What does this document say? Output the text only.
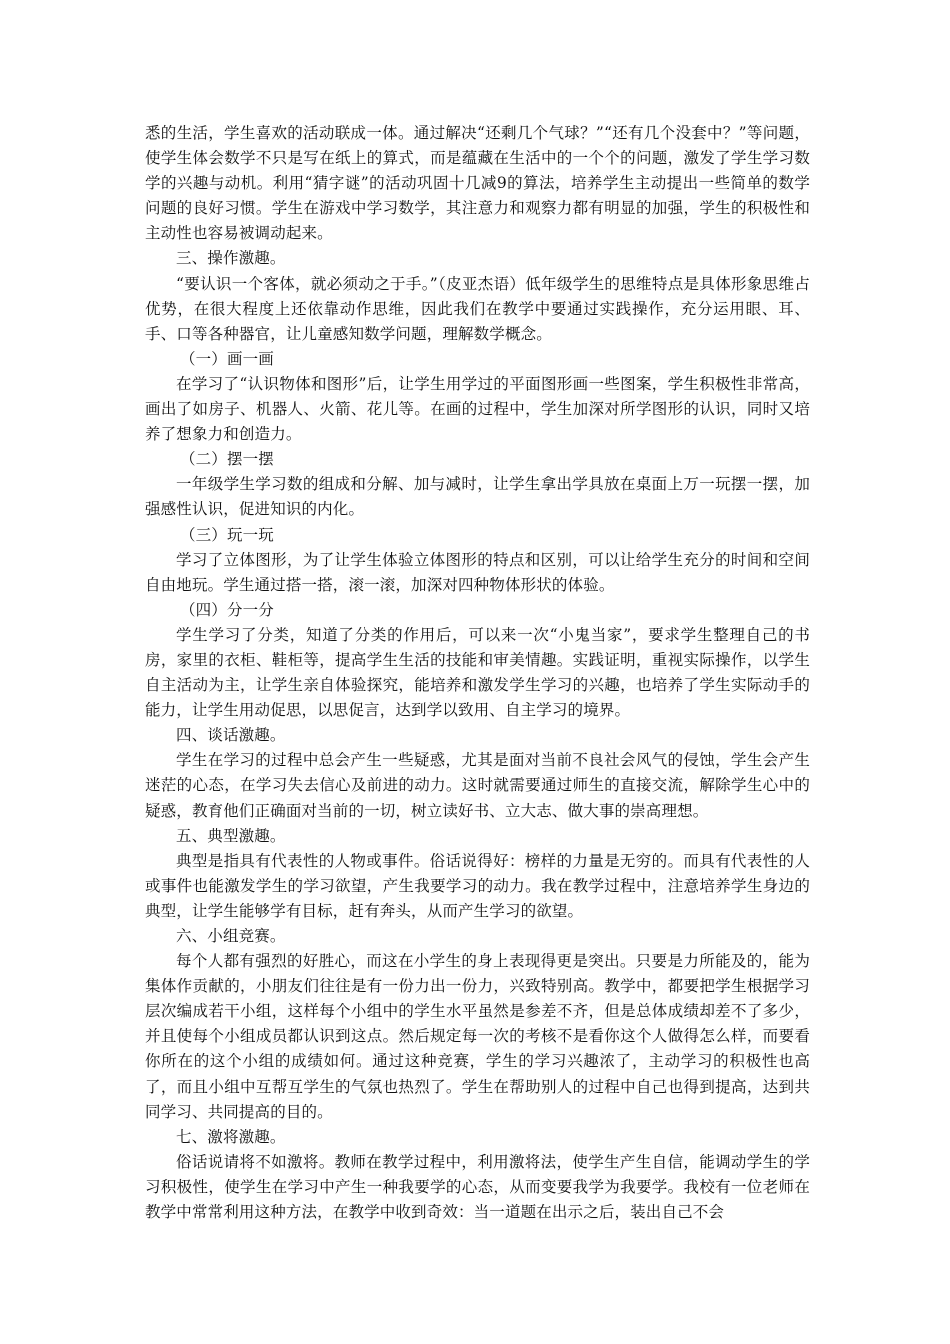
悉的生活，学生喜欢的活动联成一体。通过解决“还剩几个气球？”“还有几个没套中？”等问题，使学生体会数学不只是写在纸上的算式，而是蕴藏在生活中的一个个的问题，激发了学生学习数学的兴趣与动机。利用“猜字谜”的活动巩固十几减9的算法，培养学生主动提出一些简单的数学问题的良好习惯。学生在游戏中学习数学，其注意力和观察力都有明显的加强，学生的积极性和主动性也容易被调动起来。

三、操作激趣。

“要认识一个客体，就必须动之于手。”（皮亚杰语）低年级学生的思维特点是具体形象思维占优势，在很大程度上还依靠动作思维，因此我们在教学中要通过实践操作，充分运用眼、耳、手、口等各种器官，让儿童感知数学问题，理解数学概念。

（一）画一画

在学习了“认识物体和图形”后，让学生用学过的平面图形画一些图案，学生积极性非常高，画出了如房子、机器人、火箭、花儿等。在画的过程中，学生加深对所学图形的认识，同时又培养了想象力和创造力。

（二）摆一摆

一年级学生学习数的组成和分解、加与减时，让学生拿出学具放在桌面上万一玩摆一摆，加强感性认识，促进知识的内化。

（三）玩一玩

学习了立体图形，为了让学生体验立体图形的特点和区别，可以让给学生充分的时间和空间自由地玩。学生通过搭一搭，滚一滚，加深对四种物体形状的体验。

（四）分一分

学生学习了分类，知道了分类的作用后，可以来一次“小鬼当家”，要求学生整理自己的书房，家里的衣柜、鞋柜等，提高学生生活的技能和审美情趣。实践证明，重视实际操作，以学生自主活动为主，让学生亲自体验探究，能培养和激发学生学习的兴趣，也培养了学生实际动手的能力，让学生用动促思，以思促言，达到学以致用、自主学习的境界。

四、谈话激趣。

学生在学习的过程中总会产生一些疑惑，尤其是面对当前不良社会风气的侵蚀，学生会产生迷茫的心态，在学习失去信心及前进的动力。这时就需要通过师生的直接交流，解除学生心中的疑惑，教育他们正确面对当前的一切，树立读好书、立大志、做大事的崇高理想。

五、典型激趣。

典型是指具有代表性的人物或事件。俗话说得好：榜样的力量是无穷的。而具有代表性的人或事件也能激发学生的学习欲望，产生我要学习的动力。我在教学过程中，注意培养学生身边的典型，让学生能够学有目标，赶有奔头，从而产生学习的欲望。

六、小组竞赛。

每个人都有强烈的好胜心，而这在小学生的身上表现得更是突出。只要是力所能及的，能为集体作贡献的，小朋友们往往是有一份力出一份力，兴致特别高。教学中，都要把学生根据学习层次编成若干小组，这样每个小组中的学生水平虽然是参差不齐，但是总体成绩却差不了多少，并且使每个小组成员都认识到这点。然后规定每一次的考核不是看你这个人做得怎么样，而要看你所在的这个小组的成绩如何。通过这种竞赛，学生的学习兴趣浓了，主动学习的积极性也高了，而且小组中互帮互学生的气氛也热烈了。学生在帮助别人的过程中自己也得到提高，达到共同学习、共同提高的目的。

七、激将激趣。

俗话说请将不如激将。教师在教学过程中，利用激将法，使学生产生自信，能调动学生的学习积极性，使学生在学习中产生一种我要学的心态，从而变要我学为我要学。我校有一位老师在教学中常常利用这种方法，在教学中收到奇效：当一道题在出示之后，装出自己不会
